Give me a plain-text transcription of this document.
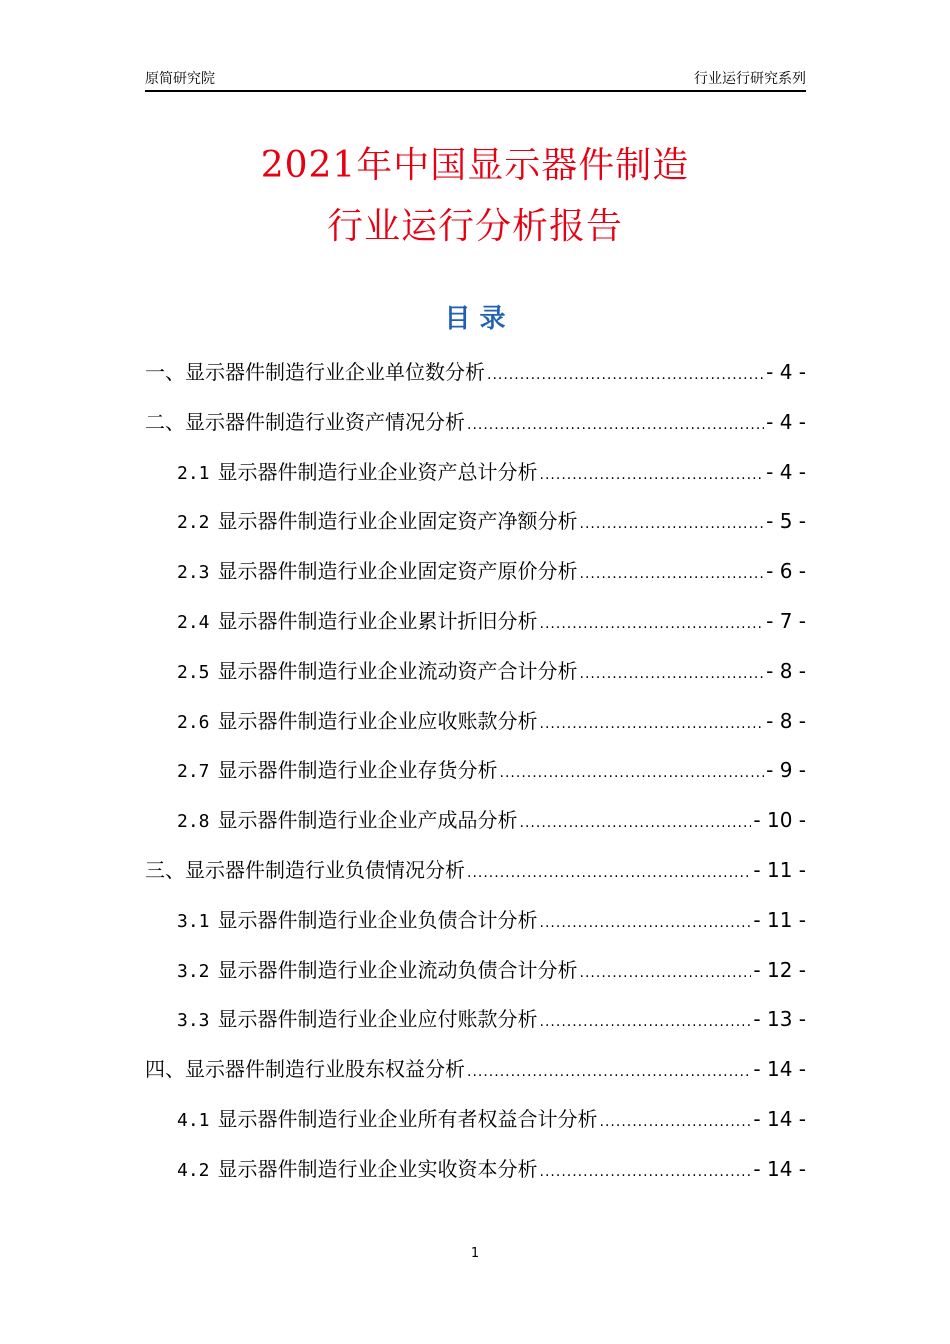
原简研究院	行业运行研究系列
2021年中国显示器件制造
行业运行分析报告
目 录
一、显示器件制造行业企业单位数分析 .....	- 4 -
二、显示器件制造行业资产情况分析 .....	- 4 -
2.1 显示器件制造行业企业资产总计分析 .....	- 4 -
2.2 显示器件制造行业企业固定资产净额分析 .....	- 5 -
2.3 显示器件制造行业企业固定资产原价分析 .....	- 6 -
2.4 显示器件制造行业企业累计折旧分析 .....	- 7 -
2.5 显示器件制造行业企业流动资产合计分析 .....	- 8 -
2.6 显示器件制造行业企业应收账款分析 .....	- 8 -
2.7 显示器件制造行业企业存货分析 .....	- 9 -
2.8 显示器件制造行业企业产成品分析 .....	- 10 -
三、显示器件制造行业负债情况分析 .....	- 11 -
3.1 显示器件制造行业企业负债合计分析 .....	- 11 -
3.2 显示器件制造行业企业流动负债合计分析 .....	- 12 -
3.3 显示器件制造行业企业应付账款分析 .....	- 13 -
四、显示器件制造行业股东权益分析 .....	- 14 -
4.1 显示器件制造行业企业所有者权益合计分析 .....	- 14 -
4.2 显示器件制造行业企业实收资本分析 .....	- 14 -
1
